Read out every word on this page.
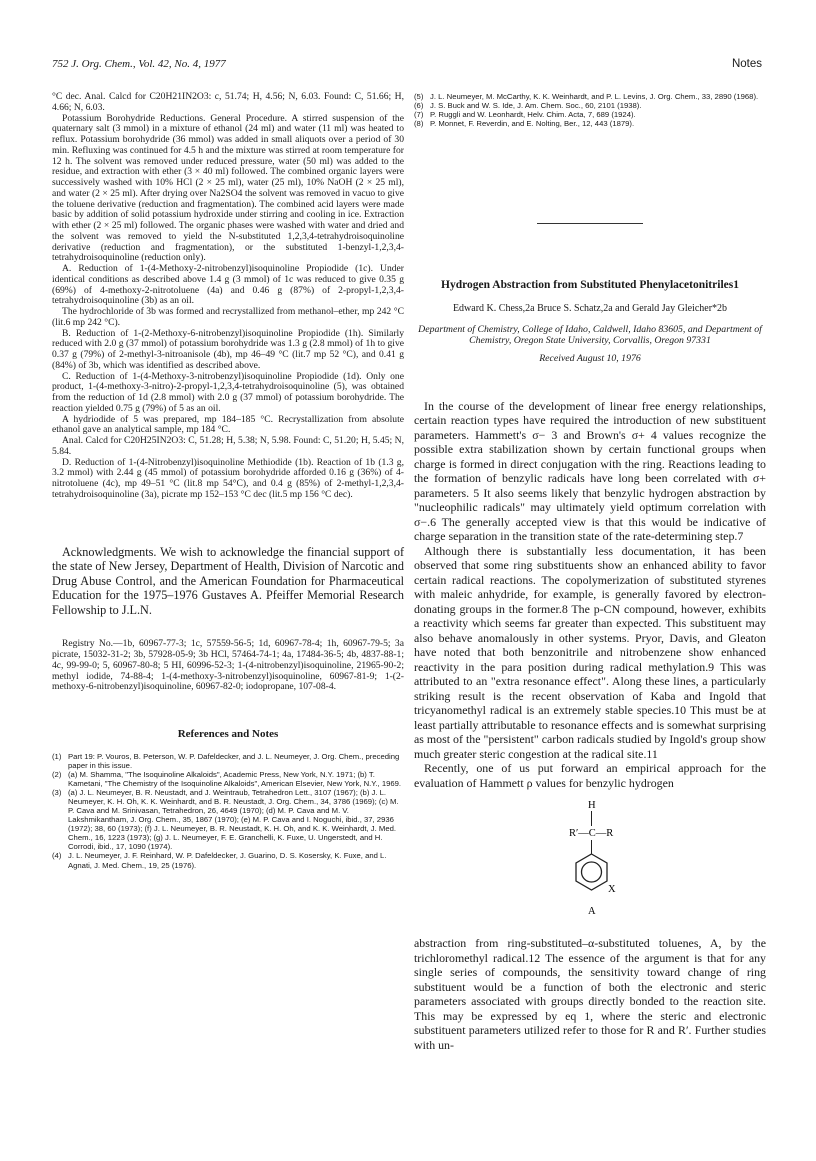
752 J. Org. Chem., Vol. 42, No. 4, 1977	Notes

°C dec. Anal. Calcd for C20H21IN2O3: c, 51.74; H, 4.56; N, 6.03. Found: C, 51.66; H, 4.66; N, 6.03.

Potassium Borohydride Reductions. General Procedure. A stirred suspension of the quaternary salt (3 mmol) in a mixture of ethanol (24 ml) and water (11 ml) was heated to reflux. Potassium borohydride (36 mmol) was added in small aliquots over a period of 30 min. Refluxing was continued for 4.5 h and the mixture was stirred at room temperature for 12 h. The solvent was removed under reduced pressure, water (50 ml) was added to the residue, and extraction with ether (3 × 40 ml) followed. The combined organic layers were successively washed with 10% HCl (2 × 25 ml), water (25 ml), 10% NaOH (2 × 25 ml), and water (2 × 25 ml). After drying over Na2SO4 the solvent was removed in vacuo to give the toluene derivative (reduction and fragmentation). The combined acid layers were made basic by addition of solid potassium hydroxide under stirring and cooling in ice. Extraction with ether (2 × 25 ml) followed. The organic phases were washed with water and dried and the solvent was removed to yield the N-substituted 1,2,3,4-tetrahydroisoquinoline derivative (reduction and fragmentation), or the substituted 1-benzyl-1,2,3,4-tetrahydroisoquinoline (reduction only).

A. Reduction of 1-(4-Methoxy-2-nitrobenzyl)isoquinoline Propiodide (1c). Under identical conditions as described above 1.4 g (3 mmol) of 1c was reduced to give 0.35 g (69%) of 4-methoxy-2-nitrotoluene (4a) and 0.46 g (87%) of 2-propyl-1,2,3,4-tetrahydroisoquinoline (3b) as an oil.

The hydrochloride of 3b was formed and recrystallized from methanol–ether, mp 242 °C (lit.6 mp 242 °C).

B. Reduction of 1-(2-Methoxy-6-nitrobenzyl)isoquinoline Propiodide (1h). Similarly reduced with 2.0 g (37 mmol) of potassium borohydride was 1.3 g (2.8 mmol) of 1h to give 0.37 g (79%) of 2-methyl-3-nitroanisole (4b), mp 46–49 °C (lit.7 mp 52 °C), and 0.41 g (84%) of 3b, which was identified as described above.

C. Reduction of 1-(4-Methoxy-3-nitrobenzyl)isoquinoline Propiodide (1d). Only one product, 1-(4-methoxy-3-nitro)-2-propyl-1,2,3,4-tetrahydroisoquinoline (5), was obtained from the reduction of 1d (2.8 mmol) with 2.0 g (37 mmol) of potassium borohydride. The reaction yielded 0.75 g (79%) of 5 as an oil.

A hydriodide of 5 was prepared, mp 184–185 °C. Recrystallization from absolute ethanol gave an analytical sample, mp 184 °C.

Anal. Calcd for C20H25IN2O3: C, 51.28; H, 5.38; N, 5.98. Found: C, 51.20; H, 5.45; N, 5.84.

D. Reduction of 1-(4-Nitrobenzyl)isoquinoline Methiodide (1b). Reaction of 1b (1.3 g, 3.2 mmol) with 2.44 g (45 mmol) of potassium borohydride afforded 0.16 g (36%) of 4-nitrotoluene (4c), mp 49–51 °C (lit.8 mp 54°C), and 0.4 g (85%) of 2-methyl-1,2,3,4-tetrahydroisoquinoline (3a), picrate mp 152–153 °C dec (lit.5 mp 156 °C dec).

Acknowledgments. We wish to acknowledge the financial support of the state of New Jersey, Department of Health, Division of Narcotic and Drug Abuse Control, and the American Foundation for Pharmaceutical Education for the 1975–1976 Gustaves A. Pfeiffer Memorial Research Fellowship to J.L.N.

Registry No.—1b, 60967-77-3; 1c, 57559-56-5; 1d, 60967-78-4; 1h, 60967-79-5; 3a picrate, 15032-31-2; 3b, 57928-05-9; 3b HCl, 57464-74-1; 4a, 17484-36-5; 4b, 4837-88-1; 4c, 99-99-0; 5, 60967-80-8; 5 HI, 60996-52-3; 1-(4-nitrobenzyl)isoquinoline, 21965-90-2; methyl iodide, 74-88-4; 1-(4-methoxy-3-nitrobenzyl)isoquinoline, 60967-81-9; 1-(2-methoxy-6-nitrobenzyl)isoquinoline, 60967-82-0; iodopropane, 107-08-4.

References and Notes

(1) Part 19: P. Vouros, B. Peterson, W. P. Dafeldecker, and J. L. Neumeyer, J. Org. Chem., preceding paper in this issue.

(2) (a) M. Shamma, "The Isoquinoline Alkaloids", Academic Press, New York, N.Y. 1971; (b) T. Kametani, "The Chemistry of the Isoquinoline Alkaloids", American Elsevier, New York, N.Y., 1969.

(3) (a) J. L. Neumeyer, B. R. Neustadt, and J. Weintraub, Tetrahedron Lett., 3107 (1967); (b) J. L. Neumeyer, K. H. Oh, K. K. Weinhardt, and B. R. Neustadt, J. Org. Chem., 34, 3786 (1969); (c) M. P. Cava and M. Srinivasan, Tetrahedron, 26, 4649 (1970); (d) M. P. Cava and M. V. Lakshmikantham, J. Org. Chem., 35, 1867 (1970); (e) M. P. Cava and I. Noguchi, ibid., 37, 2936 (1972); 38, 60 (1973); (f) J. L. Neumeyer, B. R. Neustadt, K. H. Oh, and K. K. Weinhardt, J. Med. Chem., 16, 1223 (1973); (g) J. L. Neumeyer, F. E. Granchelli, K. Fuxe, U. Ungerstedt, and H. Corrodi, ibid., 17, 1090 (1974).

(4) J. L. Neumeyer, J. F. Reinhard, W. P. Dafeldecker, J. Guarino, D. S. Kosersky, K. Fuxe, and L. Agnati, J. Med. Chem., 19, 25 (1976).

(5) J. L. Neumeyer, M. McCarthy, K. K. Weinhardt, and P. L. Levins, J. Org. Chem., 33, 2890 (1968).

(6) J. S. Buck and W. S. Ide, J. Am. Chem. Soc., 60, 2101 (1938).

(7) P. Ruggli and W. Leonhardt, Helv. Chim. Acta, 7, 689 (1924).

(8) P. Monnet, F. Reverdin, and E. Nolting, Ber., 12, 443 (1879).

Hydrogen Abstraction from Substituted Phenylacetonitriles1
Edward K. Chess,2a Bruce S. Schatz,2a and Gerald Jay Gleicher*2b
Department of Chemistry, College of Idaho, Caldwell, Idaho 83605, and Department of Chemistry, Oregon State University, Corvallis, Oregon 97331
Received August 10, 1976

In the course of the development of linear free energy relationships, certain reaction types have required the introduction of new substituent parameters. Hammett's σ− 3 and Brown's σ+ 4 values recognize the possible extra stabilization shown by certain functional groups when charge is formed in direct conjugation with the ring. Reactions leading to the formation of benzylic radicals have long been correlated with σ+ parameters. 5 It also seems likely that benzylic hydrogen abstraction by "nucleophilic radicals" may ultimately yield optimum correlation with σ−.6 The generally accepted view is that this would be indicative of charge separation in the transition state of the rate-determining step.7

Although there is substantially less documentation, it has been observed that some ring substituents show an enhanced ability to favor certain radical reactions. The copolymerization of substituted styrenes with maleic anhydride, for example, is generally favored by electron-donating groups in the former.8 The p-CN compound, however, exhibits a reactivity which seems far greater than expected. This substituent may also behave anomalously in other systems. Pryor, Davis, and Gleaton have noted that both benzonitrile and nitrobenzene show enhanced reactivity in the para position during radical methylation.9 This was attributed to an "extra resonance effect". Along these lines, a particularly striking result is the recent observation of Kaba and Ingold that tricyanomethyl radical is an extremely stable species.10 This must be at least partially attributable to resonance effects and is somewhat surprising as most of the "persistent" carbon radicals studied by Ingold's group show much greater steric congestion at the radical site.11

Recently, one of us put forward an empirical approach for the evaluation of Hammett ρ values for benzylic hydrogen

H
R′—C—R
X
A

abstraction from ring-substituted–α-substituted toluenes, A, by the trichloromethyl radical.12 The essence of the argument is that for any single series of compounds, the sensitivity toward change of ring substituent would be a function of both the electronic and steric parameters associated with groups directly bonded to the reaction site. This may be expressed by eq 1, where the steric and electronic substituent parameters utilized refer to those for R and R′. Further studies with un-
